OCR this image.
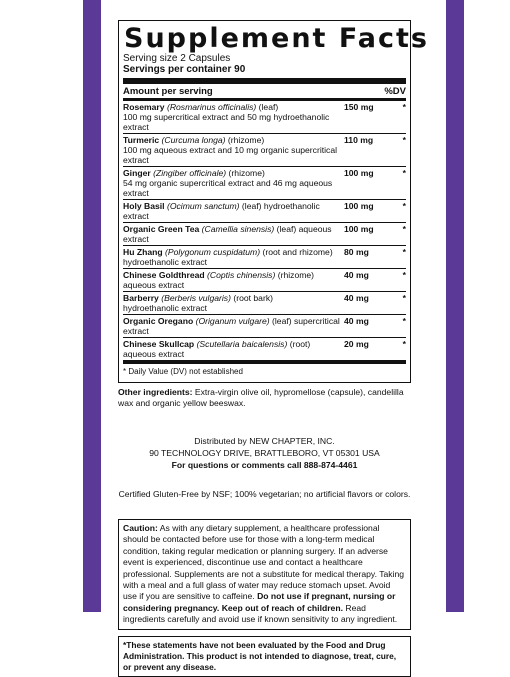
Supplement Facts
Serving size 2 Capsules
Servings per container 90
Amount per serving	%DV
Rosemary (Rosmarinus officinalis) (leaf)
100 mg supercritical extract and 50 mg hydroethanolic extract
150 mg	*
Turmeric (Curcuma longa) (rhizome)
100 mg aqueous extract and 10 mg organic supercritical extract
110 mg	*
Ginger (Zingiber officinale) (rhizome)
54 mg organic supercritical extract and 46 mg aqueous extract
100 mg	*
Holy Basil (Ocimum sanctum) (leaf) hydroethanolic extract
100 mg	*
Organic Green Tea (Camellia sinensis) (leaf) aqueous extract
100 mg	*
Hu Zhang (Polygonum cuspidatum) (root and rhizome)
hydroethanolic extract
80 mg	*
Chinese Goldthread (Coptis chinensis) (rhizome) aqueous extract
40 mg	*
Barberry (Berberis vulgaris) (root bark)
hydroethanolic extract
40 mg	*
Organic Oregano (Origanum vulgare) (leaf) supercritical extract
40 mg	*
Chinese Skullcap (Scutellaria baicalensis) (root) aqueous extract
20 mg	*
* Daily Value (DV) not established
Other ingredients: Extra-virgin olive oil, hypromellose (capsule), candelilla wax and organic yellow beeswax.
Distributed by NEW CHAPTER, INC.
90 TECHNOLOGY DRIVE, BRATTLEBORO, VT 05301 USA
For questions or comments call 888-874-4461
Certified Gluten-Free by NSF; 100% vegetarian; no artificial flavors or colors.
Caution: As with any dietary supplement, a healthcare professional should be contacted before use for those with a long-term medical condition, taking regular medication or planning surgery. If an adverse event is experienced, discontinue use and contact a healthcare professional. Supplements are not a substitute for medical therapy. Taking with a meal and a full glass of water may reduce stomach upset. Avoid use if you are sensitive to caffeine. Do not use if pregnant, nursing or considering pregnancy. Keep out of reach of children. Read ingredients carefully and avoid use if known sensitivity to any ingredient.
*These statements have not been evaluated by the Food and Drug Administration. This product is not intended to diagnose, treat, cure, or prevent any disease.
